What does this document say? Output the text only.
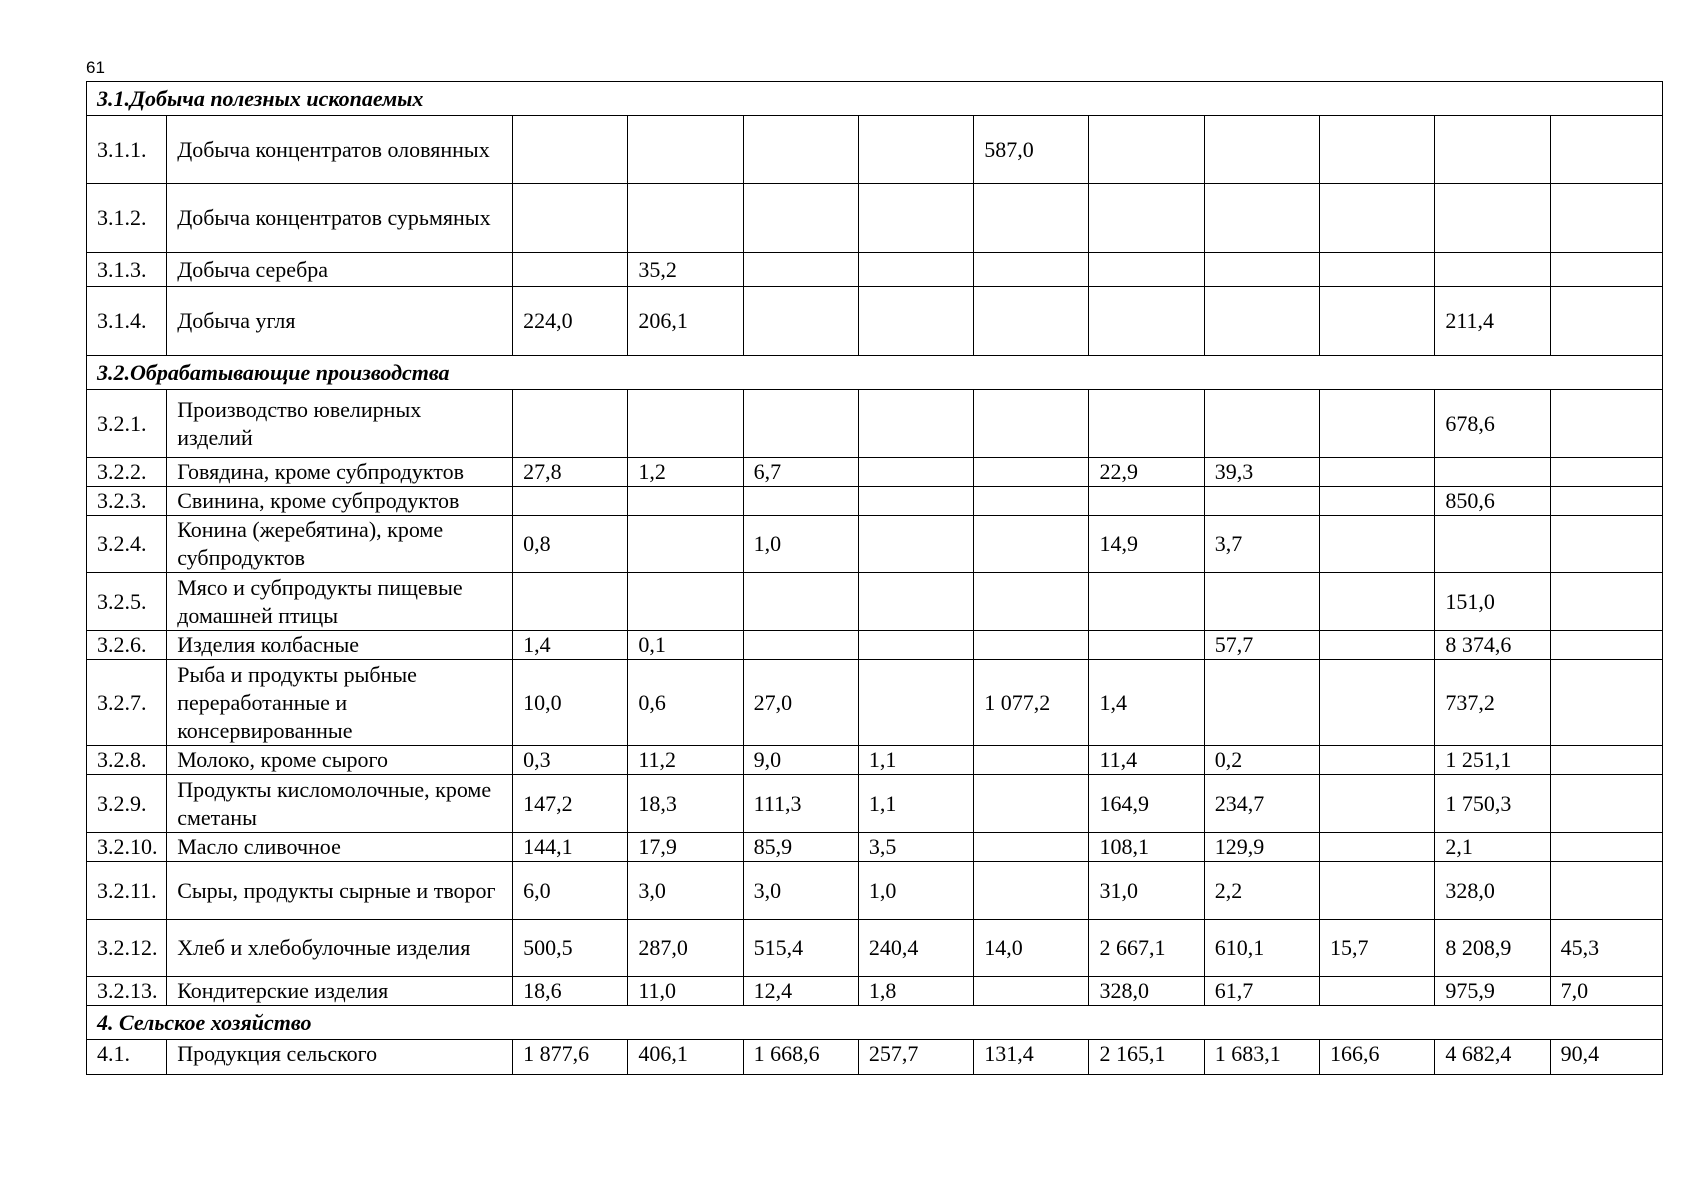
61
3.1.Добыча полезных ископаемых											
3.1.1.	Добыча концентратов оловянных					587,0					
3.1.2.	Добыча концентратов сурьмяных										
3.1.3.	Добыча серебра		35,2								
3.1.4.	Добыча угля	224,0	206,1							211,4	
3.2.Обрабатывающие производства											
3.2.1.	Производство ювелирных изделий									678,6	
3.2.2.	Говядина, кроме субпродуктов	27,8	1,2	6,7			22,9	39,3			
3.2.3.	Свинина, кроме субпродуктов									850,6	
3.2.4.	Конина (жеребятина), кроме субпродуктов	0,8		1,0			14,9	3,7			
3.2.5.	Мясо и субпродукты пищевые домашней птицы									151,0	
3.2.6.	Изделия колбасные	1,4	0,1					57,7		8 374,6	
3.2.7.	Рыба и продукты рыбные переработанные и консервированные	10,0	0,6	27,0		1 077,2	1,4			737,2	
3.2.8.	Молоко, кроме сырого	0,3	11,2	9,0	1,1		11,4	0,2		1 251,1	
3.2.9.	Продукты кисломолочные, кроме сметаны	147,2	18,3	111,3	1,1		164,9	234,7		1 750,3	
3.2.10.	Масло сливочное	144,1	17,9	85,9	3,5		108,1	129,9		2,1	
3.2.11.	Сыры, продукты сырные и творог	6,0	3,0	3,0	1,0		31,0	2,2		328,0	
3.2.12.	Хлеб и хлебобулочные изделия	500,5	287,0	515,4	240,4	14,0	2 667,1	610,1	15,7	8 208,9	45,3
3.2.13.	Кондитерские изделия	18,6	11,0	12,4	1,8		328,0	61,7		975,9	7,0
4. Сельское хозяйство											
4.1.	Продукция сельского	1 877,6	406,1	1 668,6	257,7	131,4	2 165,1	1 683,1	166,6	4 682,4	90,4
